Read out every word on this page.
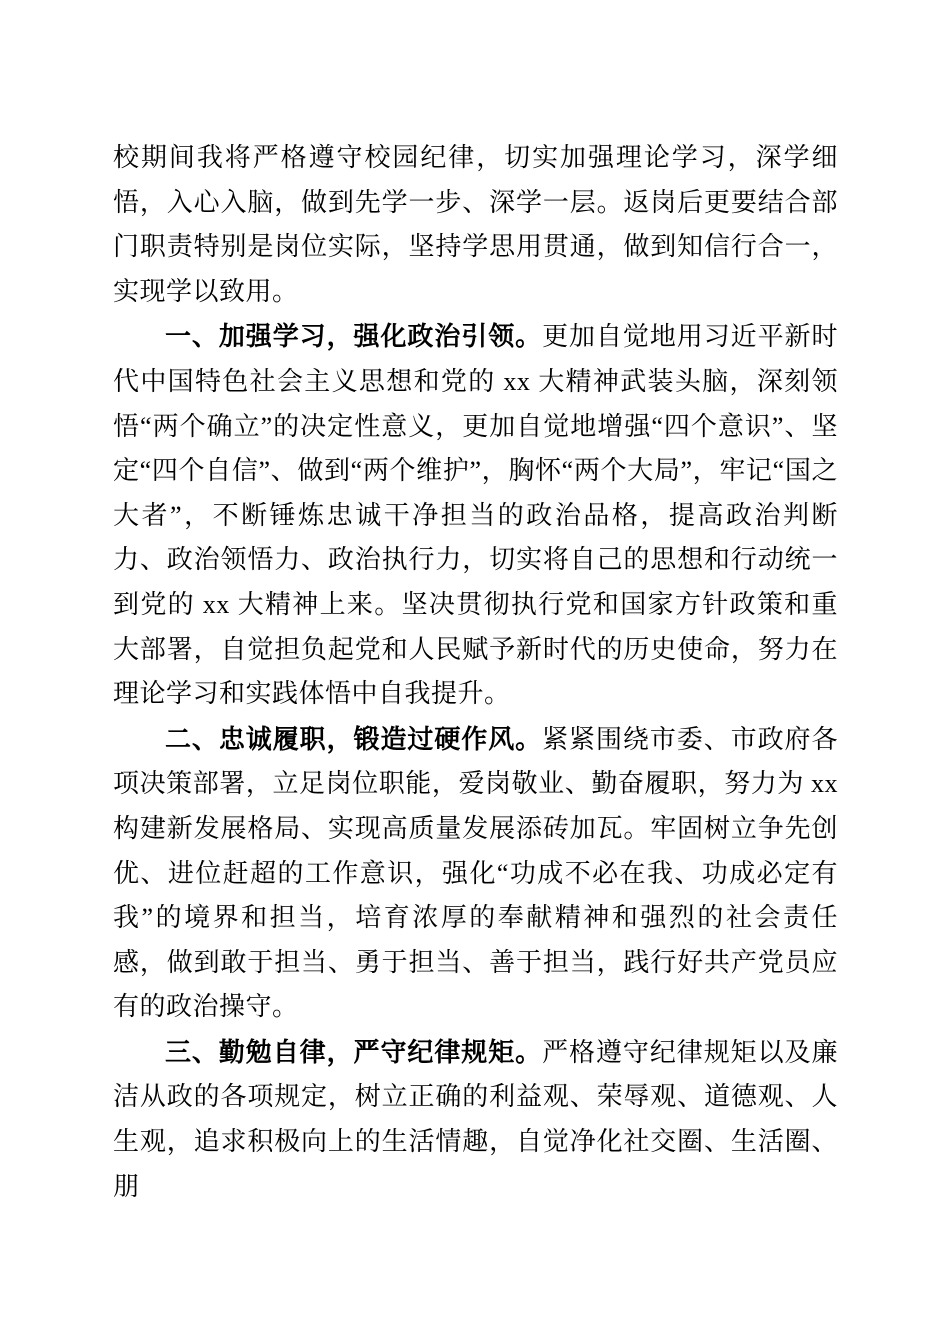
校期间我将严格遵守校园纪律，切实加强理论学习，深学细悟，入心入脑，做到先学一步、深学一层。返岗后更要结合部门职责特别是岗位实际，坚持学思用贯通，做到知信行合一，实现学以致用。

一、加强学习，强化政治引领。更加自觉地用习近平新时代中国特色社会主义思想和党的 xx 大精神武装头脑，深刻领悟“两个确立”的决定性意义，更加自觉地增强“四个意识”、坚定“四个自信”、做到“两个维护”，胸怀“两个大局”，牢记“国之大者”，不断锤炼忠诚干净担当的政治品格，提高政治判断力、政治领悟力、政治执行力，切实将自己的思想和行动统一到党的 xx 大精神上来。坚决贯彻执行党和国家方针政策和重大部署，自觉担负起党和人民赋予新时代的历史使命，努力在理论学习和实践体悟中自我提升。

二、忠诚履职，锻造过硬作风。紧紧围绕市委、市政府各项决策部署，立足岗位职能，爱岗敬业、勤奋履职，努力为 xx 构建新发展格局、实现高质量发展添砖加瓦。牢固树立争先创优、进位赶超的工作意识，强化“功成不必在我、功成必定有我”的境界和担当，培育浓厚的奉献精神和强烈的社会责任感，做到敢于担当、勇于担当、善于担当，践行好共产党员应有的政治操守。

三、勤勉自律，严守纪律规矩。严格遵守纪律规矩以及廉洁从政的各项规定，树立正确的利益观、荣辱观、道德观、人生观，追求积极向上的生活情趣，自觉净化社交圈、生活圈、朋
